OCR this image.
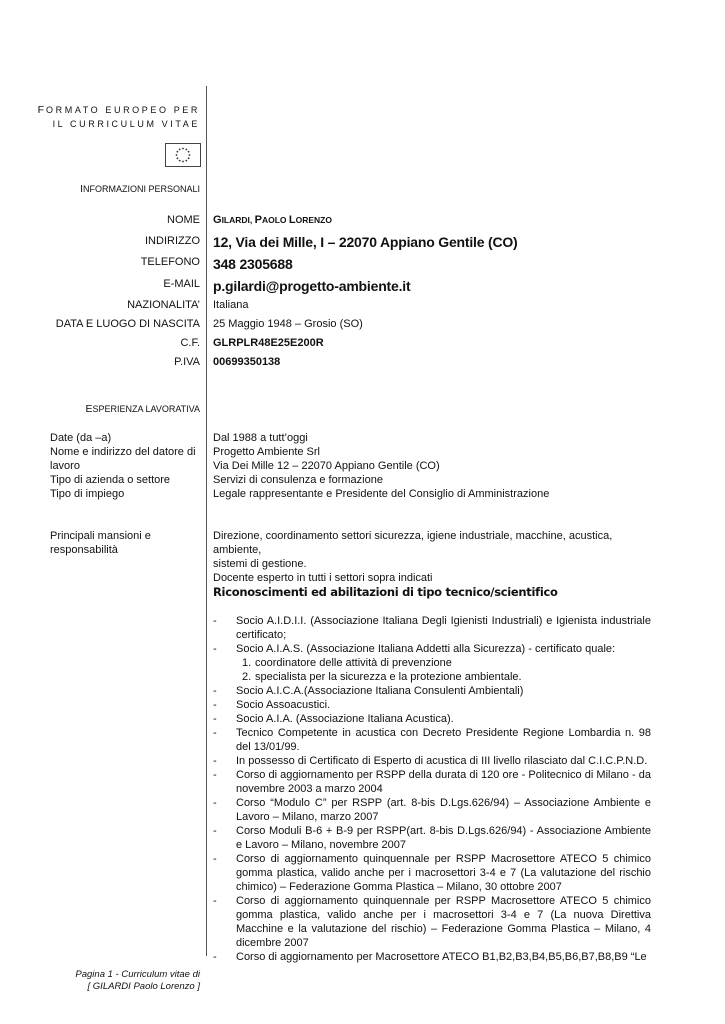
FORMATO EUROPEO PER
IL CURRICULUM VITAE
INFORMAZIONI PERSONALI
NOME GILARDI, PAOLO LORENZO
INDIRIZZO 12, Via dei Mille, I – 22070 Appiano Gentile (CO)
TELEFONO 348 2305688
E-MAIL p.gilardi@progetto-ambiente.it
NAZIONALITA’ Italiana
DATA E LUOGO DI NASCITA 25 Maggio 1948 – Grosio (SO)
C.F. GLRPLR48E25E200R
P.IVA 00699350138
ESPERIENZA LAVORATIVA
Date (da –a)
Nome e indirizzo del datore di
lavoro
Tipo di azienda o settore
Tipo di impiego
Dal 1988 a tutt’oggi
Progetto Ambiente Srl
Via Dei Mille 12 – 22070 Appiano Gentile (CO)
Servizi di consulenza e formazione
Legale rappresentante e Presidente del Consiglio di Amministrazione
Principali mansioni e
responsabilità
Direzione, coordinamento settori sicurezza, igiene industriale, macchine, acustica, ambiente,
sistemi di gestione.
Docente esperto in tutti i settori sopra indicati
Riconoscimenti ed abilitazioni di tipo tecnico/scientifico
- Socio A.I.D.I.I. (Associazione Italiana Degli Igienisti Industriali) e Igienista industriale certificato;
- Socio A.I.A.S. (Associazione Italiana Addetti alla Sicurezza) - certificato quale:
1. coordinatore delle attività di prevenzione
2. specialista per la sicurezza e la protezione ambientale.
- Socio A.I.C.A.(Associazione Italiana Consulenti Ambientali)
- Socio Assoacustici.
- Socio A.I.A. (Associazione Italiana Acustica).
- Tecnico Competente in acustica con Decreto Presidente Regione Lombardia n. 98 del 13/01/99.
- In possesso di Certificato di Esperto di acustica di III livello rilasciato dal C.I.C.P.N.D.
- Corso di aggiornamento per RSPP della durata di 120 ore - Politecnico di Milano - da novembre 2003 a marzo 2004
- Corso “Modulo C” per RSPP (art. 8-bis D.Lgs.626/94) – Associazione Ambiente e Lavoro – Milano, marzo 2007
- Corso Moduli B-6 + B-9 per RSPP(art. 8-bis D.Lgs.626/94) - Associazione Ambiente e Lavoro – Milano, novembre 2007
- Corso di aggiornamento quinquennale per RSPP Macrosettore ATECO 5 chimico gomma plastica, valido anche per i macrosettori 3-4 e 7 (La valutazione del rischio chimico) – Federazione Gomma Plastica – Milano, 30 ottobre 2007
- Corso di aggiornamento quinquennale per RSPP Macrosettore ATECO 5 chimico gomma plastica, valido anche per i macrosettori 3-4 e 7 (La nuova Direttiva Macchine e la valutazione del rischio) – Federazione Gomma Plastica – Milano, 4 dicembre 2007
- Corso di aggiornamento per Macrosettore ATECO B1,B2,B3,B4,B5,B6,B7,B8,B9 “Le
Pagina 1 - Curriculum vitae di
[ GILARDI Paolo Lorenzo ]
